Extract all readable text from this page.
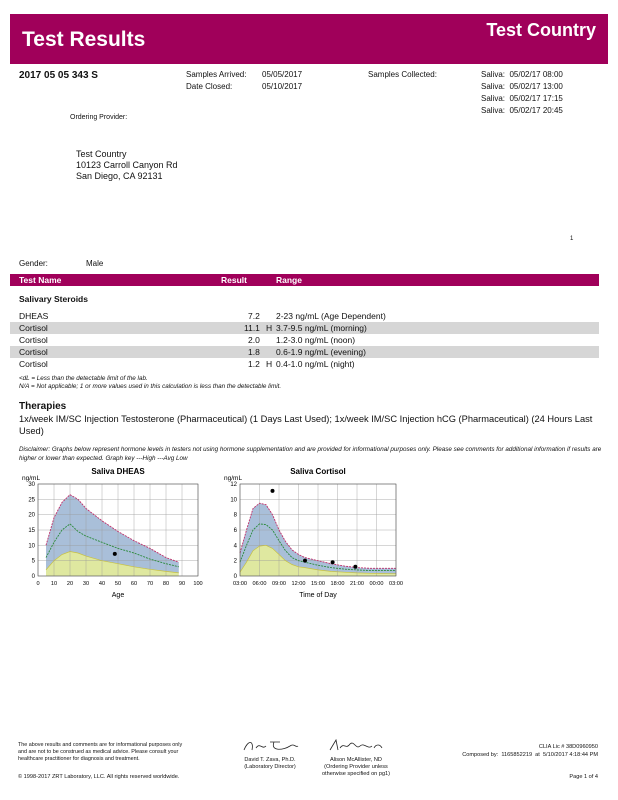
Test Results	Test Country
2017 05 05 343 S	Samples Arrived: 05/05/2017
Date Closed:	05/10/2017
Samples Collected:	Saliva:  05/02/17 08:00
Saliva:  05/02/17 13:00
Saliva:  05/02/17 17:15
Saliva:  05/02/17 20:45
Ordering Provider:
Test Country
10123 Carroll Canyon Rd
San Diego, CA 92131
1
Gender:	Male
Test Name	Result	Range
Salivary Steroids
DHEAS	7.2 2-23 ng/mL (Age Dependent)
Cortisol	11.1 H 3.7-9.5 ng/mL (morning)
Cortisol	2.0 1.2-3.0 ng/mL (noon)
Cortisol	1.8 0.6-1.9 ng/mL (evening)
Cortisol	1.2 H 0.4-1.0 ng/mL (night)
<dL = Less than the detectable limit of the lab.
N/A = Not applicable; 1 or more values used in this calculation is less than the detectable limit.
Therapies
1x/week IM/SC Injection Testosterone (Pharmaceutical) (1 Days Last Used); 1x/week IM/SC Injection hCG (Pharmaceutical) (24 Hours Last Used)
Disclaimer: Graphs below represent hormone levels in testers not using hormone supplementation and are provided for informational purposes only. Please see comments for additional information if results are higher or lower than expected. Graph key ---High ---Avg Low
Saliva DHEAS
ng/mL
0
5
10
15
20
25
30
0 10 20 30 40 50 60 70 80 90 100
Age
Saliva Cortisol
ng/mL
0
2
4
6
8
10
12
03:00 06:00 09:00 12:00 15:00 18:00 21:00 00:00 03:00
Time of Day
The above results and comments are for informational purposes only
and are not to be construed as medical advice. Please consult your
healthcare practitioner for diagnosis and treatment.
© 1998-2017 ZRT Laboratory, LLC. All rights reserved worldwide.
David T. Zava, Ph.D.
(Laboratory Director)
Alison McAllister, ND
(Ordering Provider unless
otherwise specified on pg1)
CLIA Lic # 38D0960950
Composed by:  1165852219  at  5/10/2017 4:18:44 PM
Page 1 of 4
